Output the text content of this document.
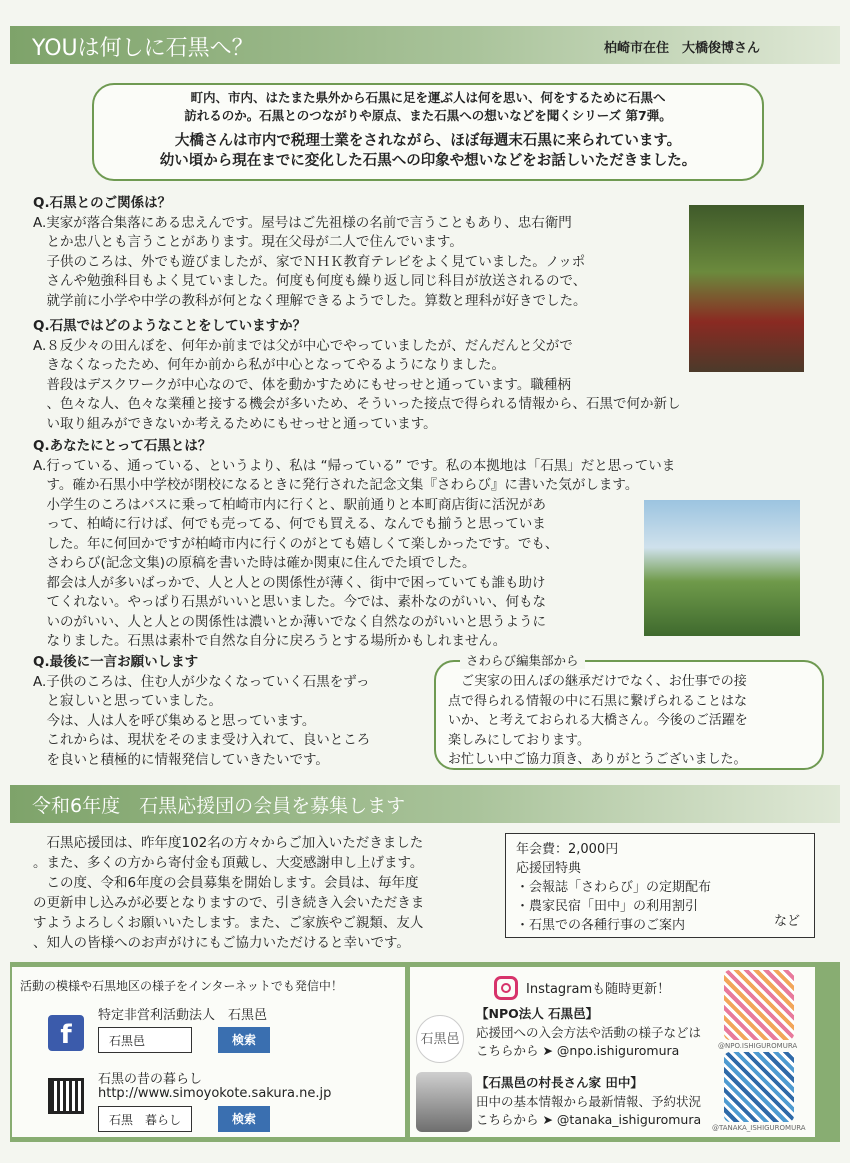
YOUは何しに石黒へ？	柏崎市在住　大橋俊博さん

町内、市内、はたまた県外から石黒に足を運ぶ人は何を思い、何をするために石黒へ
訪れるのか。石黒とのつながりや原点、また石黒への想いなどを聞くシリーズ 第7弾。

大橋さんは市内で税理士業をされながら、ほぼ毎週末石黒に来られています。
幼い頃から現在までに変化した石黒への印象や想いなどをお話しいただきました。

Q.石黒とのご関係は？

A.実家が落合集落にある忠えんです。屋号はご先祖様の名前で言うこともあり、忠右衛門
　とか忠八とも言うことがあります。現在父母が二人で住んでいます。
　子供のころは、外でも遊びましたが、家でＮＨＫ教育テレビをよく見ていました。ノッポ
　さんや勉強科目もよく見ていました。何度も何度も繰り返し同じ科目が放送されるので、
　就学前に小学や中学の教科が何となく理解できるようでした。算数と理科が好きでした。

Q.石黒ではどのようなことをしていますか？

A.８反少々の田んぼを、何年か前までは父が中心でやっていましたが、だんだんと父がで
　きなくなったため、何年か前から私が中心となってやるようになりました。
　普段はデスクワークが中心なので、体を動かすためにもせっせと通っています。職種柄
　、色々な人、色々な業種と接する機会が多いため、そういった接点で得られる情報から、石黒で何か新し
　い取り組みができないか考えるためにもせっせと通っています。

Q.あなたにとって石黒とは？

A.行っている、通っている、というより、私は “帰っている” です。私の本拠地は「石黒」だと思っていま
　す。確か石黒小中学校が閉校になるときに発行された記念文集『さわらび』に書いた気がします。
　小学生のころはバスに乗って柏崎市内に行くと、駅前通りと本町商店街に活況があ
　って、柏崎に行けば、何でも売ってる、何でも買える、なんでも揃うと思っていま
　した。年に何回かですが柏崎市内に行くのがとても嬉しくて楽しかったです。でも、
　さわらび(記念文集)の原稿を書いた時は確か関東に住んでた頃でした。
　都会は人が多いばっかで、人と人との関係性が薄く、街中で困っていても誰も助け
　てくれない。やっぱり石黒がいいと思いました。今では、素朴なのがいい、何もな
　いのがいい、人と人との関係性は濃いとか薄いでなく自然なのがいいと思うように
　なりました。石黒は素朴で自然な自分に戻ろうとする場所かもしれません。

Q.最後に一言お願いします

A.子供のころは、住む人が少なくなっていく石黒をずっ
　と寂しいと思っていました。
　今は、人は人を呼び集めると思っています。
　これからは、現状をそのまま受け入れて、良いところ
　を良いと積極的に情報発信していきたいです。

さわらび編集部から

　ご実家の田んぼの継承だけでなく、お仕事での接
点で得られる情報の中に石黒に繋げられることはな
いか、と考えておられる大橋さん。今後のご活躍を
楽しみにしております。
お忙しい中ご協力頂き、ありがとうございました。

令和6年度　石黒応援団の会員を募集します

　石黒応援団は、昨年度102名の方々からご加入いただきました
。また、多くの方から寄付金も頂戴し、大変感謝申し上げます。
　この度、令和6年度の会員募集を開始します。会員は、毎年度
の更新申し込みが必要となりますので、引き続き入会いただきま
すようよろしくお願いいたします。また、ご家族やご親類、友人
、知人の皆様へのお声がけにもご協力いただけると幸いです。

年会費：2,000円

応援団特典

・会報誌「さわらび」の定期配布

・農家民宿「田中」の利用割引

・石黒での各種行事のご案内	など

活動の模様や石黒地区の様子をインターネットでも発信中！

f
特定非営利活動法人　石黒邑
石黒邑	検索
石黒の昔の暮らし
http://www.simoyokote.sakura.ne.jp
石黒　暮らし	検索
Instagramも随時更新！
石黒邑

【NPO法人 石黒邑】

応援団への入会方法や活動の様子などは
こちらから ➤ @npo.ishiguromura

【石黒邑の村長さん家 田中】

田中の基本情報から最新情報、予約状況
こちらから ➤ @tanaka_ishiguromura

@NPO.ISHIGUROMURA
@TANAKA_ISHIGUROMURA
